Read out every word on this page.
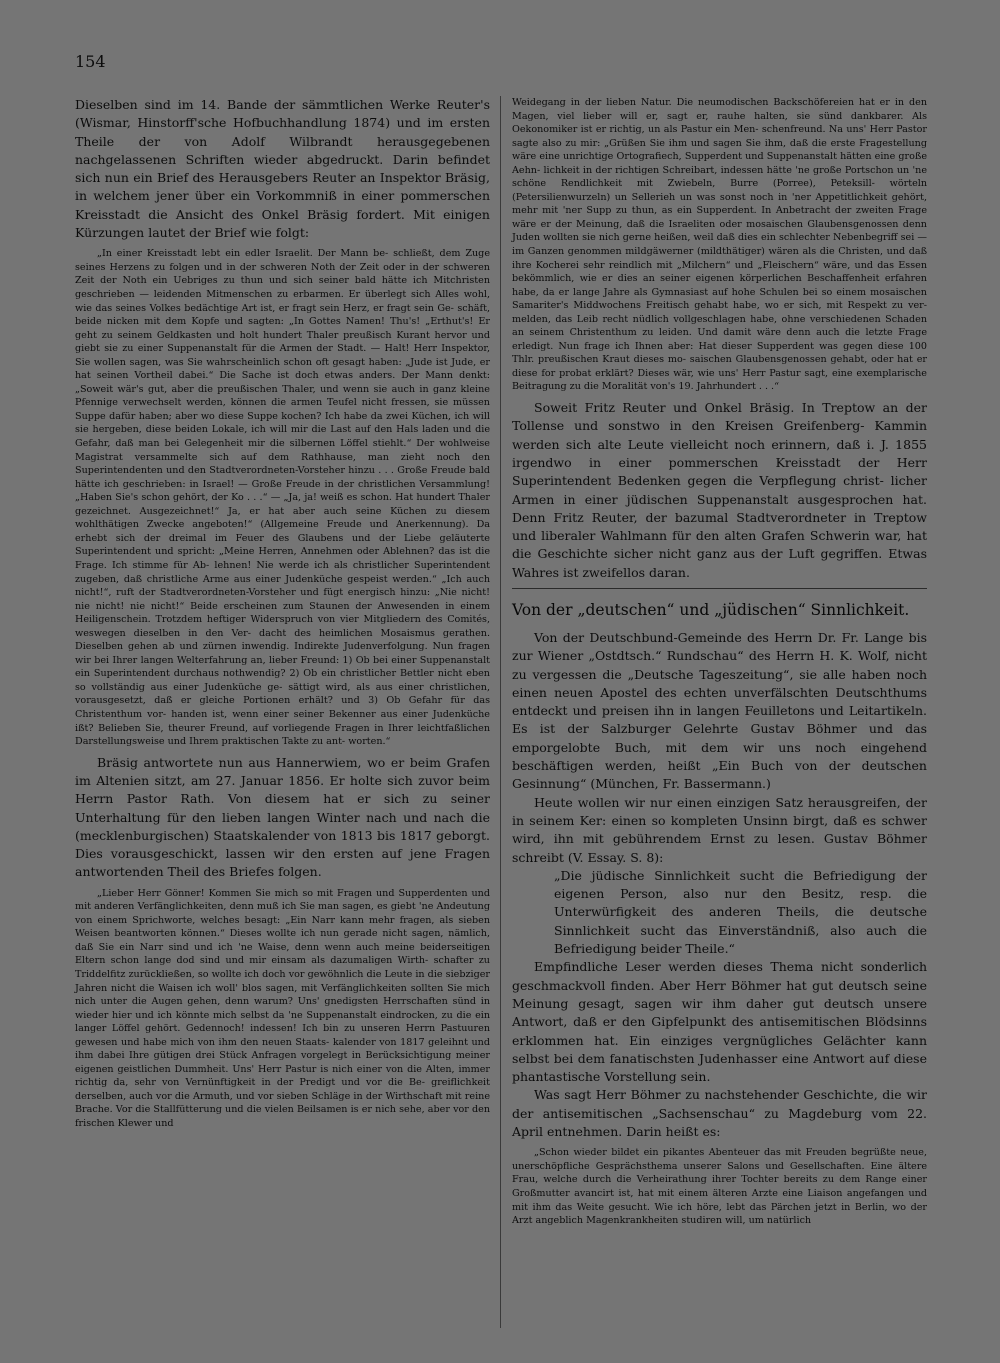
154

Dieselben sind im 14. Bande der sämmtlichen Werke Reuter's (Wismar, Hinstorff'sche Hofbuchhandlung 1874) und im ersten Theile der von Adolf Wilbrandt herausgegebenen nachgelassenen Schriften wieder abgedruckt. Darin befindet sich nun ein Brief des Herausgebers Reuter an Inspektor Bräsig, in welchem jener über ein Vorkommniß in einer pommerschen Kreisstadt die Ansicht des Onkel Bräsig fordert. Mit einigen Kürzungen lautet der Brief wie folgt:

„In einer Kreisstadt lebt ein edler Israelit. Der Mann be- schließt, dem Zuge seines Herzens zu folgen und in der schweren Noth der Zeit oder in der schweren Zeit der Noth ein Uebriges zu thun und sich seiner bald hätte ich Mitchristen geschrieben — leidenden Mitmenschen zu erbarmen. Er überlegt sich Alles wohl, wie das seines Volkes bedächtige Art ist, er fragt sein Herz, er fragt sein Ge- schäft, beide nicken mit dem Kopfe und sagten: „In Gottes Namen! Thu's! „Erthut's! Er geht zu seinem Geldkasten und holt hundert Thaler preußisch Kurant hervor und giebt sie zu einer Suppenanstalt für die Armen der Stadt. — Halt! Herr Inspektor, Sie wollen sagen, was Sie wahrscheinlich schon oft gesagt haben: „Jude ist Jude, er hat seinen Vortheil dabei.“ Die Sache ist doch etwas anders. Der Mann denkt: „Soweit wär's gut, aber die preußischen Thaler, und wenn sie auch in ganz kleine Pfennige verwechselt werden, können die armen Teufel nicht fressen, sie müssen Suppe dafür haben; aber wo diese Suppe kochen? Ich habe da zwei Küchen, ich will sie hergeben, diese beiden Lokale, ich will mir die Last auf den Hals laden und die Gefahr, daß man bei Gelegenheit mir die silbernen Löffel stiehlt.“ Der wohlweise Magistrat versammelte sich auf dem Rathhause, man zieht noch den Superintendenten und den Stadtverordneten-Vorsteher hinzu . . . Große Freude bald hätte ich geschrieben: in Israel! — Große Freude in der christlichen Versammlung! „Haben Sie's schon gehört, der Ko . . .“ — „Ja, ja! weiß es schon. Hat hundert Thaler gezeichnet. Ausgezeichnet!“ Ja, er hat aber auch seine Küchen zu diesem wohlthätigen Zwecke angeboten!“ (Allgemeine Freude und Anerkennung). Da erhebt sich der dreimal im Feuer des Glaubens und der Liebe geläuterte Superintendent und spricht: „Meine Herren, Annehmen oder Ablehnen? das ist die Frage. Ich stimme für Ab- lehnen! Nie werde ich als christlicher Superintendent zugeben, daß christliche Arme aus einer Judenküche gespeist werden.“ „Ich auch nicht!“, ruft der Stadtverordneten-Vorsteher und fügt energisch hinzu: „Nie nicht! nie nicht! nie nicht!“ Beide erscheinen zum Staunen der Anwesenden in einem Heiligenschein. Trotzdem heftiger Widerspruch von vier Mitgliedern des Comités, weswegen dieselben in den Ver- dacht des heimlichen Mosaismus gerathen. Dieselben gehen ab und zürnen inwendig. Indirekte Judenverfolgung. Nun fragen wir bei Ihrer langen Welterfahrung an, lieber Freund: 1) Ob bei einer Suppenanstalt ein Superintendent durchaus nothwendig? 2) Ob ein christlicher Bettler nicht eben so vollständig aus einer Judenküche ge- sättigt wird, als aus einer christlichen, vorausgesetzt, daß er gleiche Portionen erhält? und 3) Ob Gefahr für das Christenthum vor- handen ist, wenn einer seiner Bekenner aus einer Judenküche ißt? Belieben Sie, theurer Freund, auf vorliegende Fragen in Ihrer leichtfaßlichen Darstellungsweise und Ihrem praktischen Takte zu ant- worten.“

Bräsig antwortete nun aus Hannerwiem, wo er beim Grafen im Altenien sitzt, am 27. Januar 1856. Er holte sich zuvor beim Herrn Pastor Rath. Von diesem hat er sich zu seiner Unterhaltung für den lieben langen Winter nach und nach die (mecklenburgischen) Staatskalender von 1813 bis 1817 geborgt. Dies vorausgeschickt, lassen wir den ersten auf jene Fragen antwortenden Theil des Briefes folgen.

„Lieber Herr Gönner! Kommen Sie mich so mit Fragen und Supperdenten und mit anderen Verfänglichkeiten, denn muß ich Sie man sagen, es giebt 'ne Andeutung von einem Sprichworte, welches besagt: „Ein Narr kann mehr fragen, als sieben Weisen beantworten können.“ Dieses wollte ich nun gerade nicht sagen, nämlich, daß Sie ein Narr sind und ich 'ne Waise, denn wenn auch meine beiderseitigen Eltern schon lange dod sind und mir einsam als dazumaligen Wirth- schafter zu Triddelfitz zurückließen, so wollte ich doch vor gewöhnlich die Leute in die siebziger Jahren nicht die Waisen ich woll' blos sagen, mit Verfänglichkeiten sollten Sie mich nich unter die Augen gehen, denn warum? Uns' gnedigsten Herrschaften sünd in wieder hier und ich könnte mich selbst da 'ne Suppenanstalt eindrocken, zu die ein langer Löffel gehört. Gedennoch! indessen! Ich bin zu unseren Herrn Pastuuren gewesen und habe mich von ihm den neuen Staats- kalender von 1817 geleihnt und ihm dabei Ihre gütigen drei Stück Anfragen vorgelegt in Berücksichtigung meiner eigenen geistlichen Dummheit. Uns' Herr Pastur is nich einer von die Alten, immer richtig da, sehr von Vernünftigkeit in der Predigt und vor die Be- greiflichkeit derselben, auch vor die Armuth, und vor sieben Schläge in der Wirthschaft mit reine Brache. Vor die Stallfütterung und die vielen Beilsamen is er nich sehe, aber vor den frischen Klewer und

Weidegang in der lieben Natur. Die neumodischen Backschöfereien hat er in den Magen, viel lieber will er, sagt er, rauhe halten, sie sünd dankbarer. Als Oekonomiker ist er richtig, un als Pastur ein Men- schenfreund. Na uns' Herr Pastor sagte also zu mir: „Grüßen Sie ihm und sagen Sie ihm, daß die erste Fragestellung wäre eine unrichtige Ortografiech, Supperdent und Suppenanstalt hätten eine große Aehn- lichkeit in der richtigen Schreibart, indessen hätte 'ne große Portschon un 'ne schöne Rendlichkeit mit Zwiebeln, Burre (Porree), Peteksill- wörteln (Petersilienwurzeln) un Sellerieh un was sonst noch in 'ner Appetitlichkeit gehört, mehr mit 'ner Supp zu thun, as ein Supperdent. In Anbetracht der zweiten Frage wäre er der Meinung, daß die Israeliten oder mosaischen Glaubensgenossen denn Juden wollten sie nich gerne heißen, weil daß dies ein schlechter Nebenbegriff sei — im Ganzen genommen mildgäwerner (mildthätiger) wären als die Christen, und daß ihre Kocherei sehr reindlich mit „Milchern“ und „Fleischern“ wäre, und das Essen bekömmlich, wie er dies an seiner eigenen körperlichen Beschaffenheit erfahren habe, da er lange Jahre als Gymnasiast auf hohe Schulen bei so einem mosaischen Samariter's Middwochens Freitisch gehabt habe, wo er sich, mit Respekt zu ver- melden, das Leib recht nüdlich vollgeschlagen habe, ohne verschiedenen Schaden an seinem Christenthum zu leiden. Und damit wäre denn auch die letzte Frage erledigt. Nun frage ich Ihnen aber: Hat dieser Supperdent was gegen diese 100 Thlr. preußischen Kraut dieses mo- saischen Glaubensgenossen gehabt, oder hat er diese for probat erklärt? Dieses wär, wie uns' Herr Pastur sagt, eine exemplarische Beitragung zu die Moralität von's 19. Jahrhundert . . .“

Soweit Fritz Reuter und Onkel Bräsig. In Treptow an der Tollense und sonstwo in den Kreisen Greifenberg- Kammin werden sich alte Leute vielleicht noch erinnern, daß i. J. 1855 irgendwo in einer pommerschen Kreisstadt der Herr Superintendent Bedenken gegen die Verpflegung christ- licher Armen in einer jüdischen Suppenanstalt ausgesprochen hat. Denn Fritz Reuter, der bazumal Stadtverordneter in Treptow und liberaler Wahlmann für den alten Grafen Schwerin war, hat die Geschichte sicher nicht ganz aus der Luft gegriffen. Etwas Wahres ist zweifellos daran.

Von der „deutschen“ und „jüdischen“ Sinnlichkeit.

Von der Deutschbund-Gemeinde des Herrn Dr. Fr. Lange bis zur Wiener „Ostdtsch.“ Rundschau“ des Herrn H. K. Wolf, nicht zu vergessen die „Deutsche Tageszeitung“, sie alle haben noch einen neuen Apostel des echten unverfälschten Deutschthums entdeckt und preisen ihn in langen Feuilletons und Leitartikeln. Es ist der Salzburger Gelehrte Gustav Böhmer und das emporgelobte Buch, mit dem wir uns noch eingehend beschäftigen werden, heißt „Ein Buch von der deutschen Gesinnung“ (München, Fr. Bassermann.)

Heute wollen wir nur einen einzigen Satz herausgreifen, der in seinem Ker: einen so kompleten Unsinn birgt, daß es schwer wird, ihn mit gebührendem Ernst zu lesen. Gustav Böhmer schreibt (V. Essay. S. 8):

„Die jüdische Sinnlichkeit sucht die Befriedigung der eigenen Person, also nur den Besitz, resp. die Unterwürfigkeit des anderen Theils, die deutsche Sinnlichkeit sucht das Einverständniß, also auch die Befriedigung beider Theile.“

Empfindliche Leser werden dieses Thema nicht sonderlich geschmackvoll finden. Aber Herr Böhmer hat gut deutsch seine Meinung gesagt, sagen wir ihm daher gut deutsch unsere Antwort, daß er den Gipfelpunkt des antisemitischen Blödsinns erklommen hat. Ein einziges vergnügliches Gelächter kann selbst bei dem fanatischsten Judenhasser eine Antwort auf diese phantastische Vorstellung sein.

Was sagt Herr Böhmer zu nachstehender Geschichte, die wir der antisemitischen „Sachsenschau“ zu Magdeburg vom 22. April entnehmen. Darin heißt es:

„Schon wieder bildet ein pikantes Abenteuer das mit Freuden begrüßte neue, unerschöpfliche Gesprächsthema unserer Salons und Gesellschaften. Eine ältere Frau, welche durch die Verheirathung ihrer Tochter bereits zu dem Range einer Großmutter avancirt ist, hat mit einem älteren Arzte eine Liaison angefangen und mit ihm das Weite gesucht. Wie ich höre, lebt das Pärchen jetzt in Berlin, wo der Arzt angeblich Magenkrankheiten studiren will, um natürlich
